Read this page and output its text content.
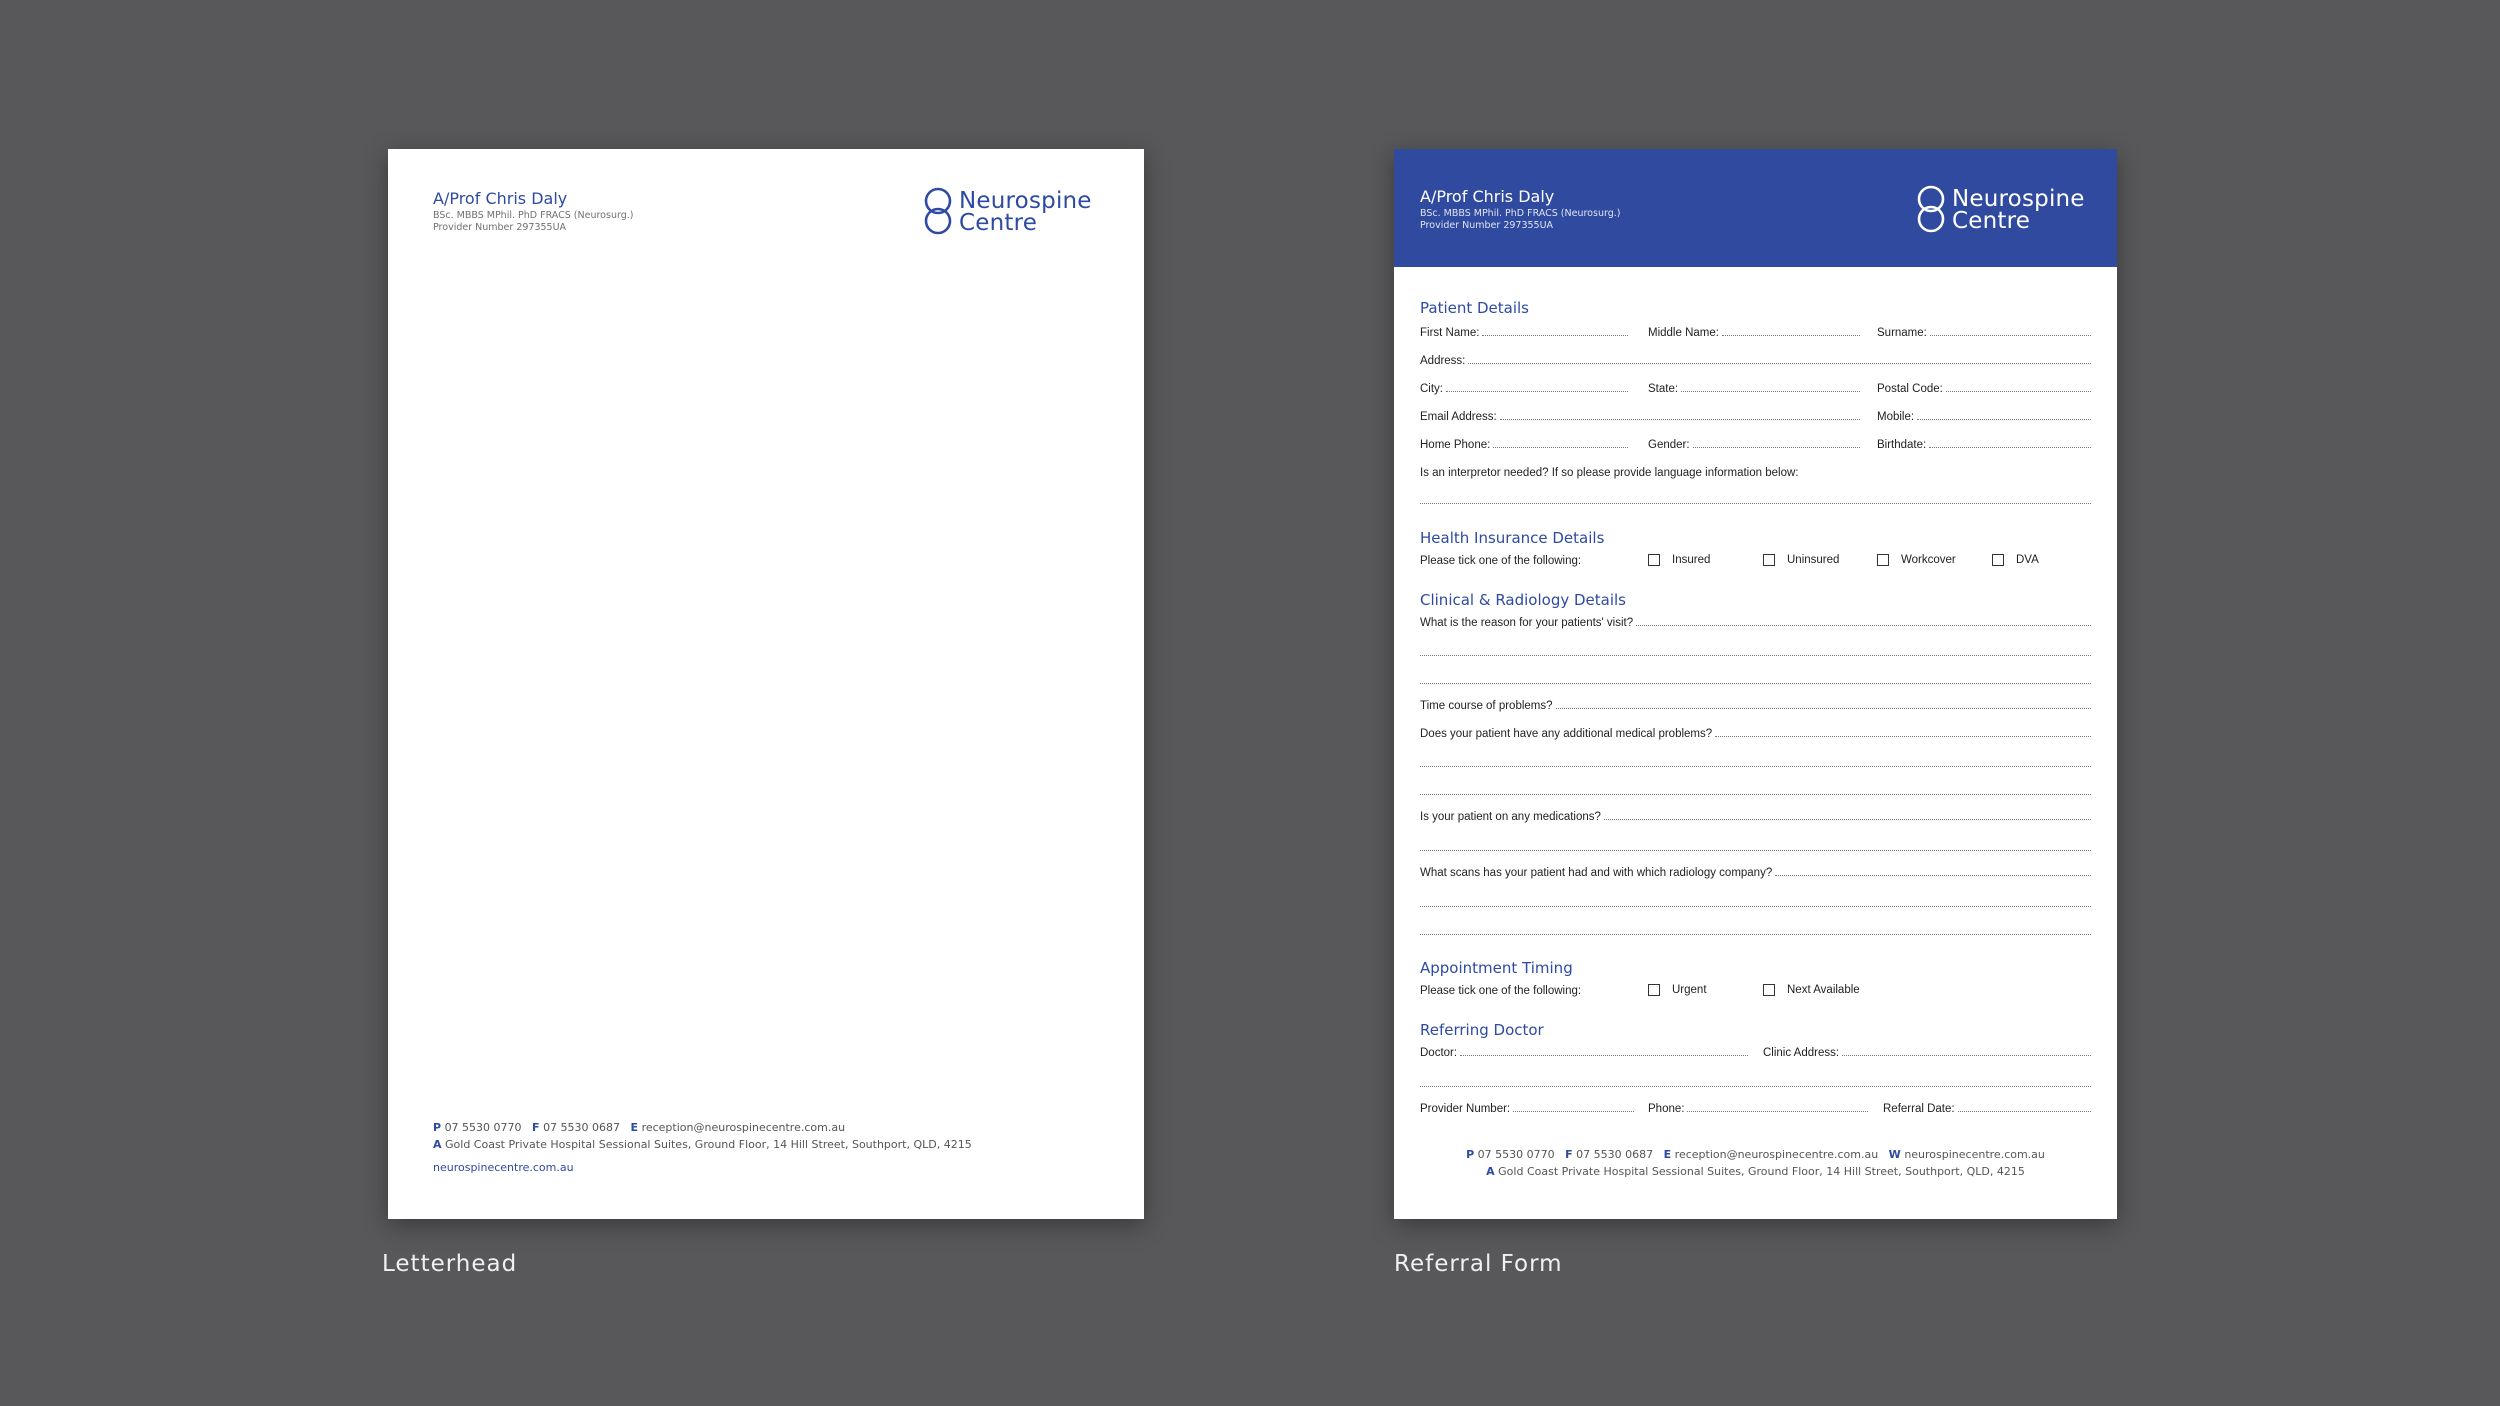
A/Prof Chris Daly
BSc. MBBS MPhil. PhD FRACS (Neurosurg.)
Provider Number 297355UA
Neurospine
Centre
P 07 5530 0770 F 07 5530 0687 E reception@neurospinecentre.com.au
A Gold Coast Private Hospital Sessional Suites, Ground Floor, 14 Hill Street, Southport, QLD, 4215
neurospinecentre.com.au
Letterhead
A/Prof Chris Daly
BSc. MBBS MPhil. PhD FRACS (Neurosurg.)
Provider Number 297355UA
Neurospine
Centre
Patient Details
First Name:	Middle Name:	Surname:
Address:
City:	State:	Postal Code:
Email Address:	Mobile:
Home Phone:	Gender:	Birthdate:
Is an interpretor needed? If so please provide language information below:
Health Insurance Details
Please tick one of the following:	Insured	Uninsured	Workcover	DVA
Clinical & Radiology Details
What is the reason for your patients' visit?
Time course of problems?
Does your patient have any additional medical problems?
Is your patient on any medications?
What scans has your patient had and with which radiology company?
Appointment Timing
Please tick one of the following:	Urgent	Next Available
Referring Doctor
Doctor:	Clinic Address:
Provider Number:	Phone:	Referral Date:
P 07 5530 0770 F 07 5530 0687 E reception@neurospinecentre.com.au W neurospinecentre.com.au
A Gold Coast Private Hospital Sessional Suites, Ground Floor, 14 Hill Street, Southport, QLD, 4215
Referral Form
